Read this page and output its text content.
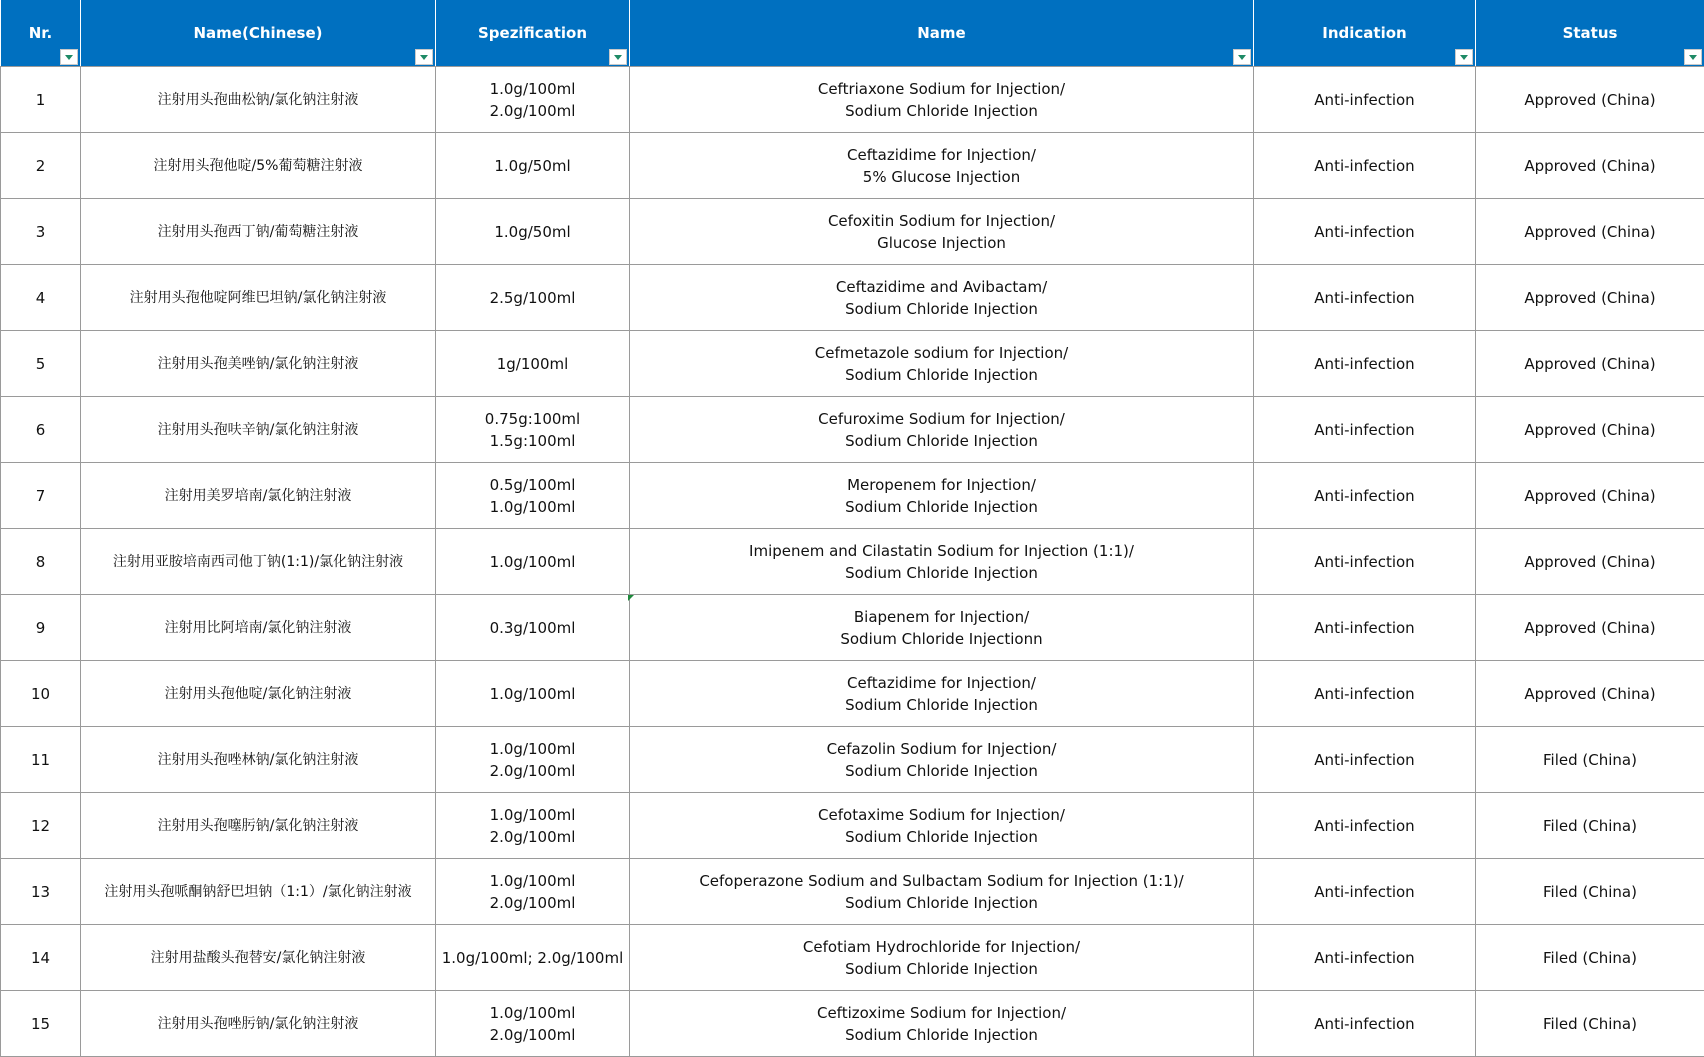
Nr.	Name(Chinese)	Spezification	Name	Indication	Status

1	注射用头孢曲松钠/氯化钠注射液	1.0g/100ml
2.0g/100ml	Ceftriaxone Sodium for Injection/
Sodium Chloride Injection	Anti-infection	Approved (China)

2	注射用头孢他啶/5%葡萄糖注射液	1.0g/50ml	Ceftazidime for Injection/
5% Glucose Injection	Anti-infection	Approved (China)

3	注射用头孢西丁钠/葡萄糖注射液	1.0g/50ml	Cefoxitin Sodium for Injection/
Glucose Injection	Anti-infection	Approved (China)

4	注射用头孢他啶阿维巴坦钠/氯化钠注射液	2.5g/100ml	Ceftazidime and Avibactam/
Sodium Chloride Injection	Anti-infection	Approved (China)

5	注射用头孢美唑钠/氯化钠注射液	1g/100ml	Cefmetazole sodium for Injection/
Sodium Chloride Injection	Anti-infection	Approved (China)

6	注射用头孢呋辛钠/氯化钠注射液	0.75g:100ml
1.5g:100ml	Cefuroxime Sodium for Injection/
Sodium Chloride Injection	Anti-infection	Approved (China)

7	注射用美罗培南/氯化钠注射液	0.5g/100ml
1.0g/100ml	Meropenem for Injection/
Sodium Chloride Injection	Anti-infection	Approved (China)

8	注射用亚胺培南西司他丁钠(1:1)/氯化钠注射液	1.0g/100ml	Imipenem and Cilastatin Sodium for Injection (1:1)/
Sodium Chloride Injection	Anti-infection	Approved (China)

9	注射用比阿培南/氯化钠注射液	0.3g/100ml	Biapenem for Injection/
Sodium Chloride Injectionn	Anti-infection	Approved (China)

10	注射用头孢他啶/氯化钠注射液	1.0g/100ml	Ceftazidime for Injection/
Sodium Chloride Injection	Anti-infection	Approved (China)

11	注射用头孢唑林钠/氯化钠注射液	1.0g/100ml
2.0g/100ml	Cefazolin Sodium for Injection/
Sodium Chloride Injection	Anti-infection	Filed (China)

12	注射用头孢噻肟钠/氯化钠注射液	1.0g/100ml
2.0g/100ml	Cefotaxime Sodium for Injection/
Sodium Chloride Injection	Anti-infection	Filed (China)

13	注射用头孢哌酮钠舒巴坦钠（1:1）/氯化钠注射液	1.0g/100ml
2.0g/100ml	Cefoperazone Sodium and Sulbactam Sodium for Injection (1:1)/
Sodium Chloride Injection	Anti-infection	Filed (China)

14	注射用盐酸头孢替安/氯化钠注射液	1.0g/100ml; 2.0g/100ml	Cefotiam Hydrochloride for Injection/
Sodium Chloride Injection	Anti-infection	Filed (China)

15	注射用头孢唑肟钠/氯化钠注射液	1.0g/100ml
2.0g/100ml	Ceftizoxime Sodium for Injection/
Sodium Chloride Injection	Anti-infection	Filed (China)
